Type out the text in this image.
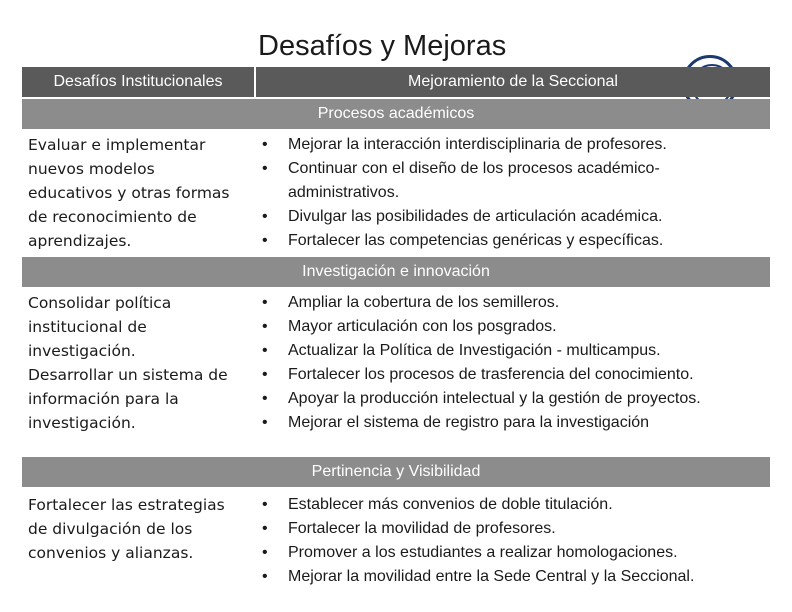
Desafíos y Mejoras
Desafíos Institucionales	Mejoramiento de la Seccional
Procesos académicos
Evaluar e implementar
nuevos modelos
educativos y otras formas
de reconocimiento de
aprendizajes.
• Mejorar la interacción interdisciplinaria de profesores.
• Continuar con el diseño de los procesos académico-
administrativos.
• Divulgar las posibilidades de articulación académica.
• Fortalecer las competencias genéricas y específicas.
Investigación e innovación
Consolidar política
institucional de
investigación.
Desarrollar un sistema de
información para la
investigación.
• Ampliar la cobertura de los semilleros.
• Mayor articulación con los posgrados.
• Actualizar la Política de Investigación - multicampus.
• Fortalecer los procesos de trasferencia del conocimiento.
• Apoyar la producción intelectual y la gestión de proyectos.
• Mejorar el sistema de registro para la investigación
Pertinencia y Visibilidad
Fortalecer las estrategias
de divulgación de los
convenios y alianzas.
• Establecer más convenios de doble titulación.
• Fortalecer la movilidad de profesores.
• Promover a los estudiantes a realizar homologaciones.
• Mejorar la movilidad entre la Sede Central y la Seccional.
